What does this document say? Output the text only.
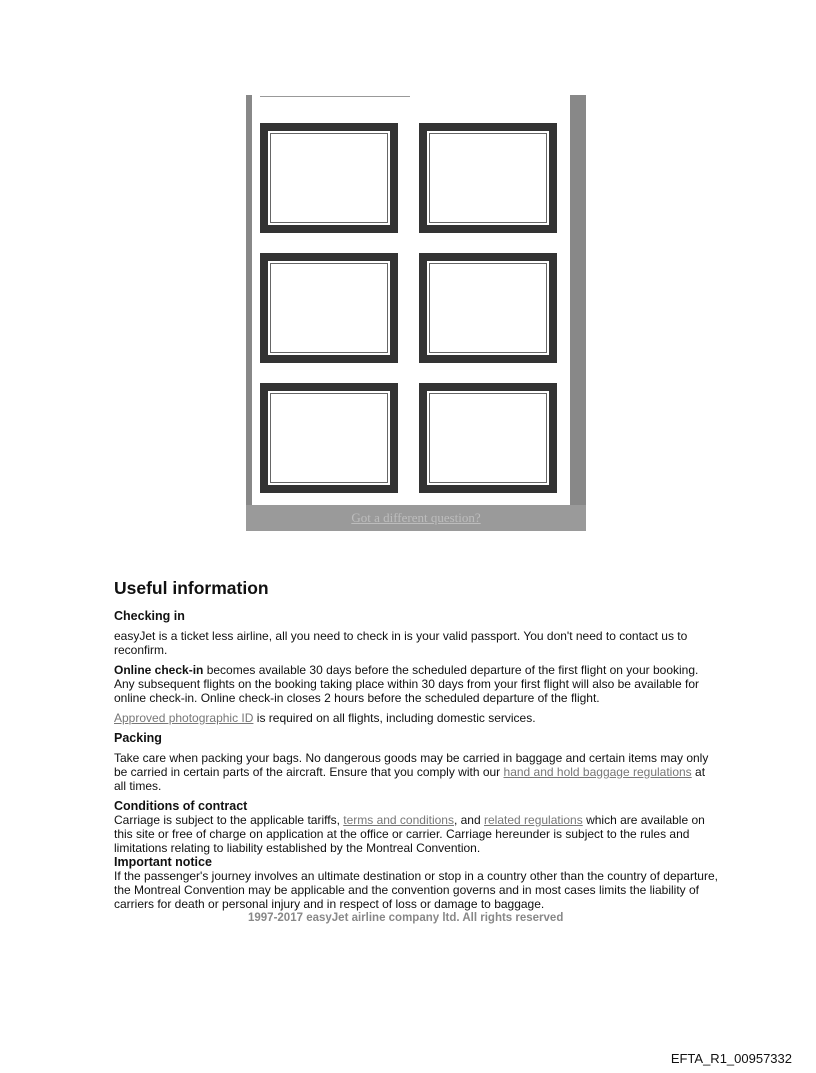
Got a different question?
Useful information
Checking in

easyJet is a ticket less airline, all you need to check in is your valid passport. You don't need to contact us to reconfirm.

Online check-in becomes available 30 days before the scheduled departure of the first flight on your booking. Any subsequent flights on the booking taking place within 30 days from your first flight will also be available for online check-in. Online check-in closes 2 hours before the scheduled departure of the flight.

Approved photographic ID is required on all flights, including domestic services.

Packing

Take care when packing your bags. No dangerous goods may be carried in baggage and certain items may only be carried in certain parts of the aircraft. Ensure that you comply with our hand and hold baggage regulations at all times.

Conditions of contract

Carriage is subject to the applicable tariffs, terms and conditions, and related regulations which are available on this site or free of charge on application at the office or carrier. Carriage hereunder is subject to the rules and limitations relating to liability established by the Montreal Convention.

Important notice

If the passenger's journey involves an ultimate destination or stop in a country other than the country of departure, the Montreal Convention may be applicable and the convention governs and in most cases limits the liability of carriers for death or personal injury and in respect of loss or damage to baggage.

1997-2017 easyJet airline company ltd. All rights reserved

EFTA_R1_00957332
